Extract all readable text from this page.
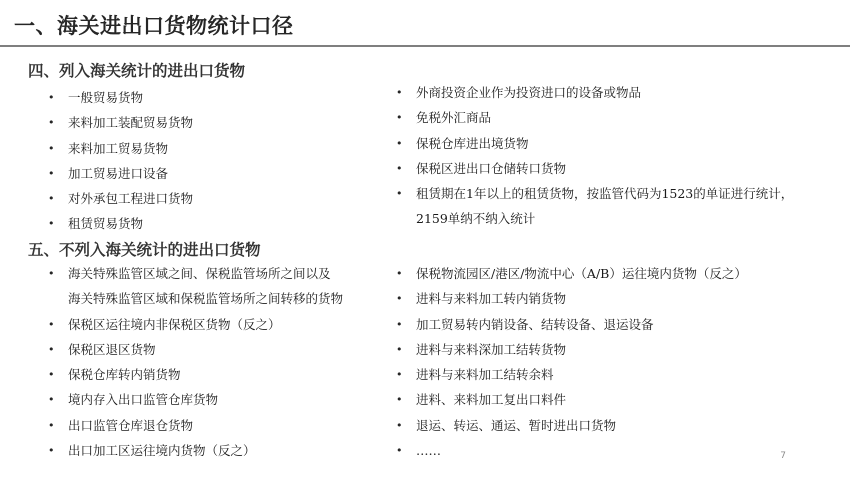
一、海关进出口货物统计口径
四、列入海关统计的进出口货物
• 一般贸易货物
• 来料加工装配贸易货物
• 来料加工贸易货物
• 加工贸易进口设备
• 对外承包工程进口货物
• 租赁贸易货物
• 外商投资企业作为投资进口的设备或物品
• 免税外汇商品
• 保税仓库进出境货物
• 保税区进出口仓储转口货物
• 租赁期在1年以上的租赁货物，按监管代码为1523的单证进行统计，
2159单纳不纳入统计
五、不列入海关统计的进出口货物
• 海关特殊监管区域之间、保税监管场所之间以及
海关特殊监管区域和保税监管场所之间转移的货物
• 保税区运往境内非保税区货物（反之）
• 保税区退区货物
• 保税仓库转内销货物
• 境内存入出口监管仓库货物
• 出口监管仓库退仓货物
• 出口加工区运往境内货物（反之）
• 保税物流园区/港区/物流中心（A/B）运往境内货物（反之）
• 进料与来料加工转内销货物
• 加工贸易转内销设备、结转设备、退运设备
• 进料与来料深加工结转货物
• 进料与来料加工结转余料
• 进料、来料加工复出口料件
• 退运、转运、通运、暂时进出口货物
• ……	7
